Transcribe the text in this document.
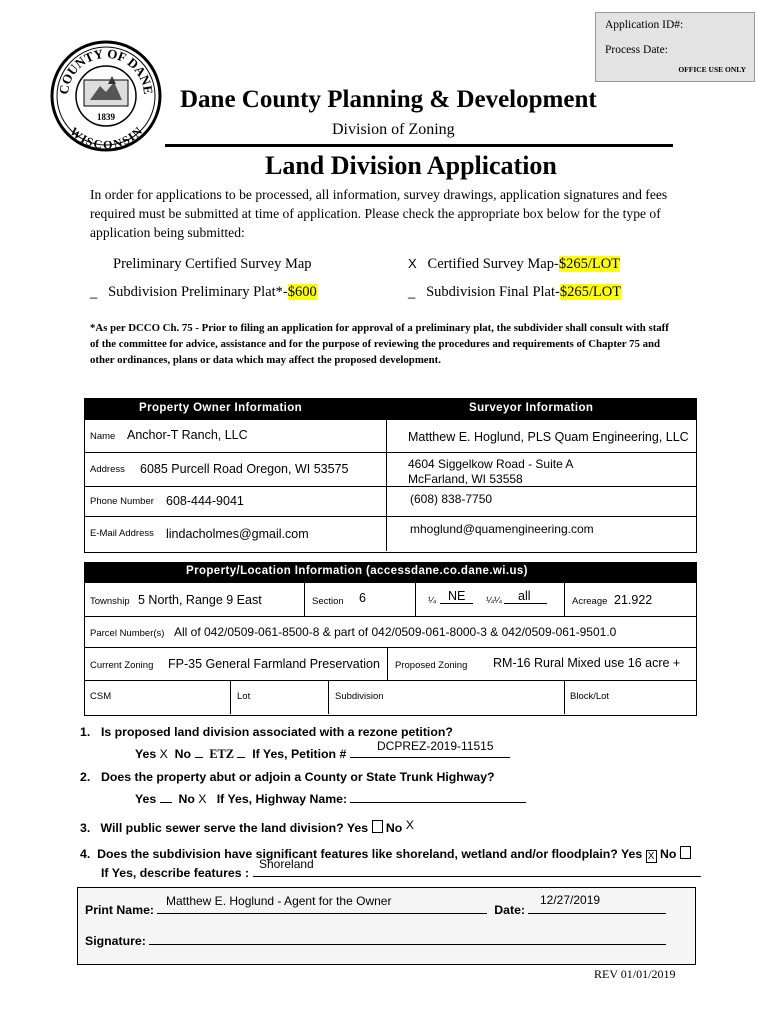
Application ID#:
Process Date:
OFFICE USE ONLY
COUNTY OF DANE
WISCONSIN
1839
Dane County Planning & Development
Division of Zoning
Land Division Application
In order for applications to be processed, all information, survey drawings, application signatures and fees required must be submitted at time of application. Please check the appropriate box below for the type of application being submitted:
Preliminary Certified Survey Map	X Certified Survey Map-$265/LOT
_ Subdivision Preliminary Plat*-$600	_ Subdivision Final Plat-$265/LOT
*As per DCCO Ch. 75 - Prior to filing an application for approval of a preliminary plat, the subdivider shall consult with staff of the committee for advice, assistance and for the purpose of reviewing the procedures and requirements of Chapter 75 and other ordinances, plans or data which may affect the proposed development.
Property Owner Information	Surveyor Information
Name Anchor-T Ranch, LLC	Matthew E. Hoglund, PLS Quam Engineering, LLC
Address 6085 Purcell Road Oregon, WI 53575	4604 Siggelkow Road - Suite A
McFarland, WI 53558
Phone Number 608-444-9041	(608) 838-7750
E-Mail Address lindacholmes@gmail.com	mhoglund@quamengineering.com
Property/Location Information (accessdane.co.dane.wi.us)
Township 5 North, Range 9 East	Section 6	¼ NE	¼¼	all	Acreage 21.922
Parcel Number(s) All of 042/0509-061-8500-8 & part of 042/0509-061-8000-3 & 042/0509-061-9501.0
Current Zoning FP-35 General Farmland Preservation Proposed Zoning RM-16 Rural Mixed use 16 acre +
CSM	Lot	Subdivision	Block/Lot
1. Is proposed land division associated with a rezone petition?
Yes X No ETZ If Yes, Petition #
DCPREZ-2019-11515
2. Does the property abut or adjoin a County or State Trunk Highway?
Yes No X If Yes, Highway Name:
3. Will public sewer serve the land division? Yes No X
4. Does the subdivision have significant features like shoreland, wetland and/or floodplain? Yes X No
If Yes, describe features :
Shoreland
Print Name:	Date:
Matthew E. Hoglund - Agent for the Owner	12/27/2019
Signature:
REV 01/01/2019
